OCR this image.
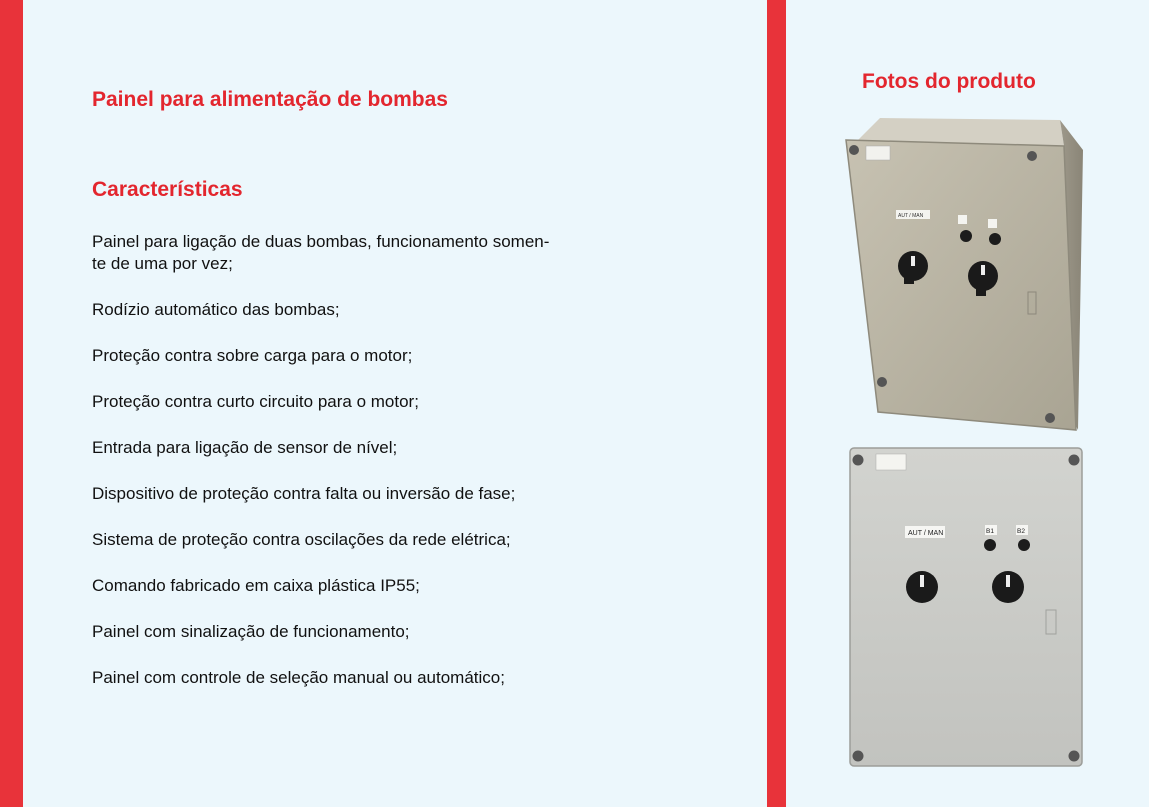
Painel para alimentação de bombas
Características
Painel para ligação de duas bombas, funcionamento somen-
te de uma por vez;
Rodízio automático das bombas;
Proteção contra sobre carga para o motor;
Proteção contra curto circuito para o motor;
Entrada para ligação de sensor de nível;
Dispositivo de proteção contra falta ou inversão de fase;
Sistema de proteção contra oscilações da rede elétrica;
Comando fabricado em caixa plástica IP55;
Painel com sinalização de funcionamento;
Painel com controle de seleção manual ou automático;
Fotos do produto
AUT / MAN
AUT / MAN	B1	B2
